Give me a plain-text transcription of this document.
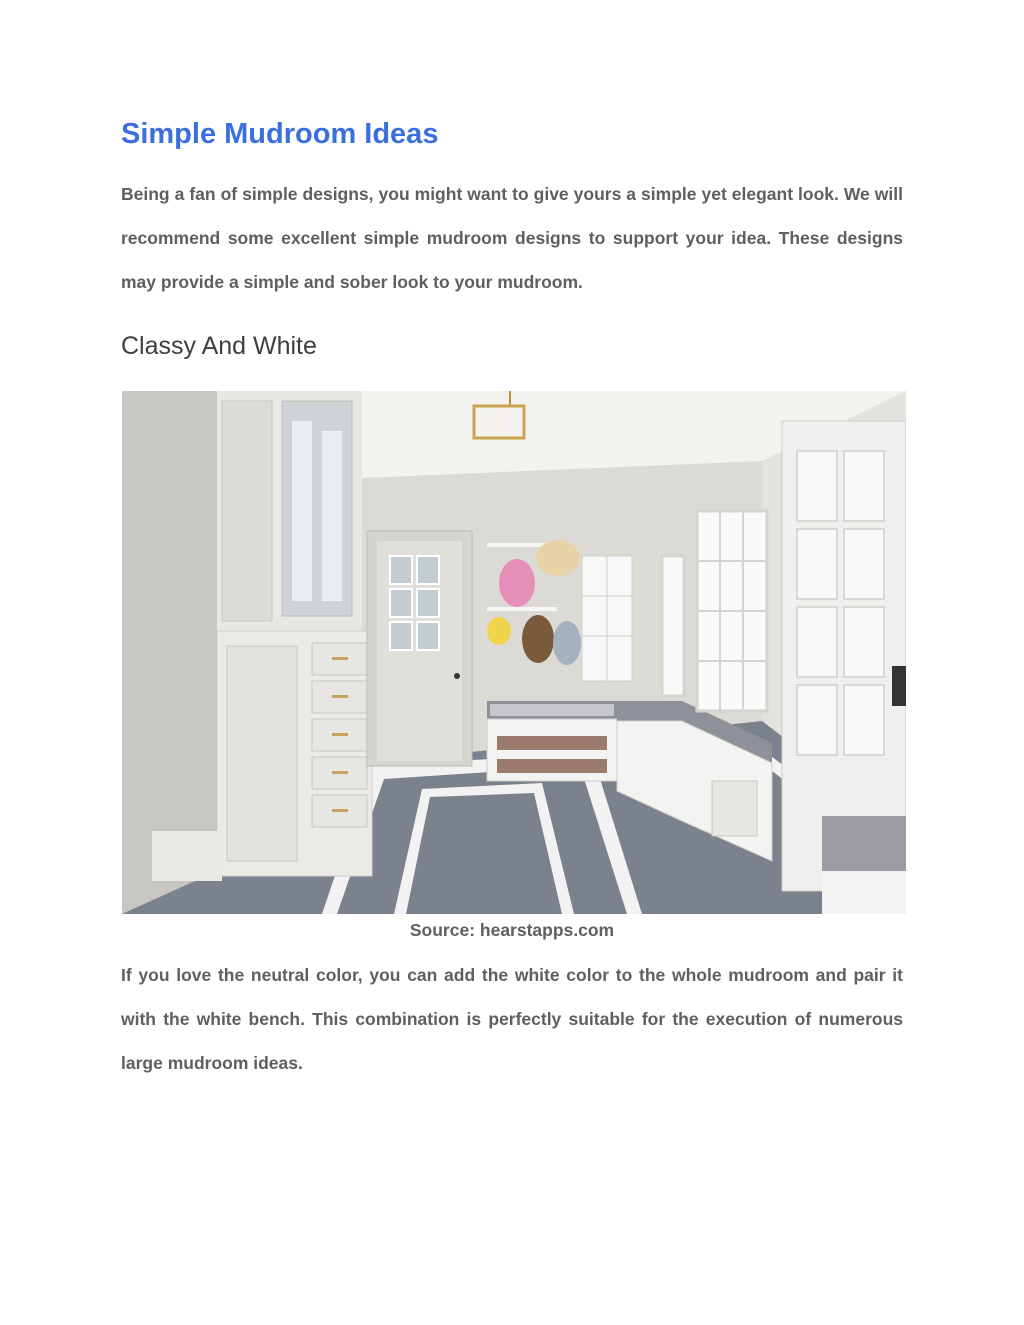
Simple Mudroom Ideas

Being a fan of simple designs, you might want to give yours a simple yet elegant look. We will recommend some excellent simple mudroom designs to support your idea. These designs may provide a simple and sober look to your mudroom.

Classy And White
Source: hearstapps.com

If you love the neutral color, you can add the white color to the whole mudroom and pair it with the white bench. This combination is perfectly suitable for the execution of numerous large mudroom ideas.
